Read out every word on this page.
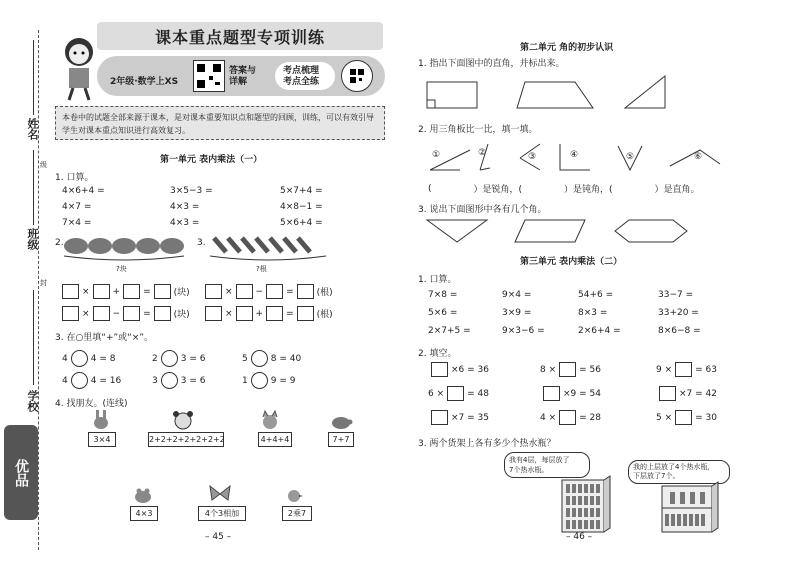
姓名
班级
学校
级
封
优品
课本重点题型专项训练
2年级·数学上XS
答案与
详解
考点梳理
考点全练
本卷中的试题全部来源于课本，是对课本重要知识点和题型的回顾，训练，可以有效引导学生对课本重点知识进行高效复习。
第一单元 表内乘法（一）
1. 口算。
4×6+4 =	3×5−3 =	5×7+4 =
4×7 =	4×3 =	4×8−1 =
7×4 =	4×3 =	5×6+4 =
2.
?块
3.
?根
×	+	=	(块)	×	−	=	(根)
×	−	=	(块)	×	+	=	(根)
3. 在○里填“+”或“×”。
4	4 = 8	2	3 = 6	5	8 = 40
4	4 = 16	3	3 = 6	1	9 = 9
4. 找朋友。(连线)
3×4	2+2+2+2+2+2+2	4+4+4	7+7
4×3	4个3相加	2乘7
– 45 –
第二单元 角的初步认识
1. 指出下面图中的直角，并标出来。
2. 用三角板比一比，填一填。
①	②	③	④	⑤	⑥
(	）是锐角，(	）是钝角，(	）是直角。
3. 说出下面图形中各有几个角。
第三单元 表内乘法（二）
1. 口算。
7×8 =	9×4 =	54+6 =	33−7 =
5×6 =	3×9 =	8×3 =	33+20 =
2×7+5 =	9×3−6 =	2×6+4 =	8×6−8 =
2. 填空。
×6 = 36	8 ×	= 56	9 ×	= 63
6 ×	= 48	×9 = 54	×7 = 42
×7 = 35	4 ×	= 28	5 ×	= 30
3. 两个货架上各有多少个热水瓶？
我有4层，每层放了
7个热水瓶。	我的上层放了4个热水瓶，
下层放了7个。
– 46 –
